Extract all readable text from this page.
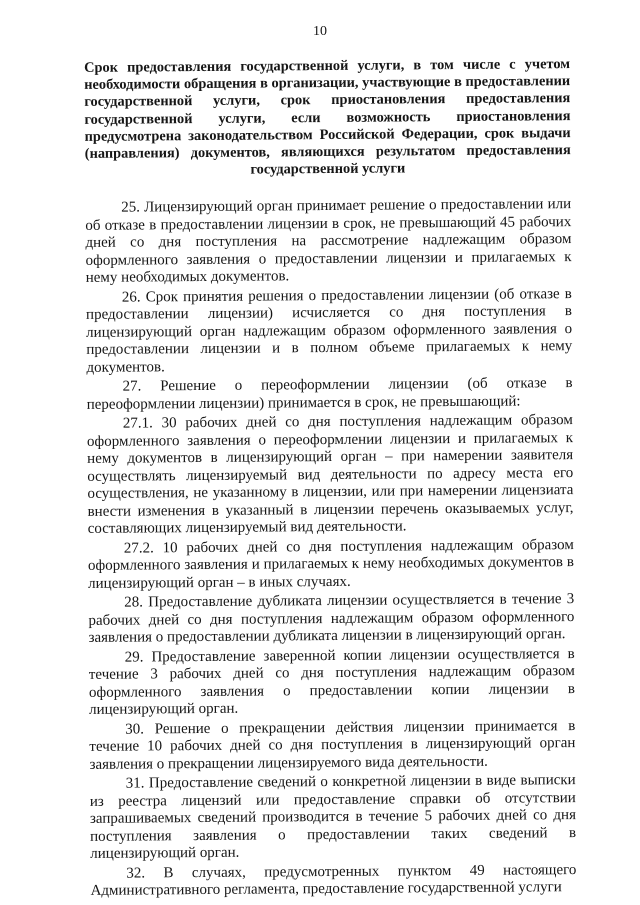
10

Срок предоставления государственной услуги, в том числе с учетом необходимости обращения в организации, участвующие в предоставлении государственной услуги, срок приостановления предоставления государственной услуги, если возможность приостановления предусмотрена законодательством Российской Федерации, срок выдачи (направления) документов, являющихся результатом предоставления государственной услуги

25. Лицензирующий орган принимает решение о предоставлении или об отказе в предоставлении лицензии в срок, не превышающий 45 рабочих дней со дня поступления на рассмотрение надлежащим образом оформленного заявления о предоставлении лицензии и прилагаемых к нему необходимых документов.

26. Срок принятия решения о предоставлении лицензии (об отказе в предоставлении лицензии) исчисляется со дня поступления в лицензирующий орган надлежащим образом оформленного заявления о предоставлении лицензии и в полном объеме прилагаемых к нему документов.

27. Решение о переоформлении лицензии (об отказе в переоформлении лицензии) принимается в срок, не превышающий:

27.1. 30 рабочих дней со дня поступления надлежащим образом оформленного заявления о переоформлении лицензии и прилагаемых к нему документов в лицензирующий орган – при намерении заявителя осуществлять лицензируемый вид деятельности по адресу места его осуществления, не указанному в лицензии, или при намерении лицензиата внести изменения в указанный в лицензии перечень оказываемых услуг, составляющих лицензируемый вид деятельности.

27.2. 10 рабочих дней со дня поступления надлежащим образом оформленного заявления и прилагаемых к нему необходимых документов в лицензирующий орган – в иных случаях.

28. Предоставление дубликата лицензии осуществляется в течение 3 рабочих дней со дня поступления надлежащим образом оформленного заявления о предоставлении дубликата лицензии в лицензирующий орган.

29. Предоставление заверенной копии лицензии осуществляется в течение 3 рабочих дней со дня поступления надлежащим образом оформленного заявления о предоставлении копии лицензии в лицензирующий орган.

30. Решение о прекращении действия лицензии принимается в течение 10 рабочих дней со дня поступления в лицензирующий орган заявления о прекращении лицензируемого вида деятельности.

31. Предоставление сведений о конкретной лицензии в виде выписки из реестра лицензий или предоставление справки об отсутствии запрашиваемых сведений производится в течение 5 рабочих дней со дня поступления заявления о предоставлении таких сведений в лицензирующий орган.

32. В случаях, предусмотренных пунктом 49 настоящего Административного регламента, предоставление государственной услуги
